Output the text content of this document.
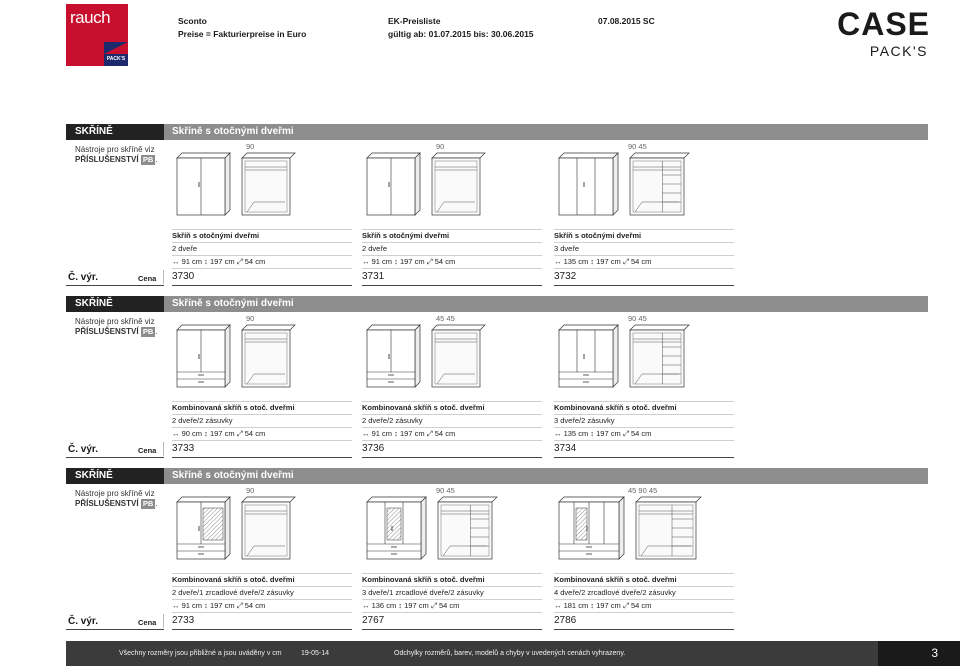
rauch
PACK'S
Sconto
Preise = Fakturierpreise in Euro
EK-Preisliste
gültig ab: 01.07.2015 bis: 30.06.2015
07.08.2015 SC	CASE
PACK'S
SKŘÍNĚ	Skříně s otočnými dveřmi
Nástroje pro skříně viz
PŘÍSLUŠENSTVÍ PB .
90
Skříň s otočnými dveřmi
2 dveře
↔ 91 cm ↕ 197 cm ⤢ 54 cm
3730
90
Skříň s otočnými dveřmi
2 dveře
↔ 91 cm ↕ 197 cm ⤢ 54 cm
3731
90 45
Skříň s otočnými dveřmi
3 dveře
↔ 135 cm ↕ 197 cm ⤢ 54 cm
3732
Č. výr.	Cena
SKŘÍNĚ	Skříně s otočnými dveřmi
Nástroje pro skříně viz
PŘÍSLUŠENSTVÍ PB .
90
Kombinovaná skříň s otoč. dveřmi
2 dveře/2 zásuvky
↔ 90 cm ↕ 197 cm ⤢ 54 cm
3733
45 45
Kombinovaná skříň s otoč. dveřmi
2 dveře/2 zásuvky
↔ 91 cm ↕ 197 cm ⤢ 54 cm
3736
90 45
Kombinovaná skříň s otoč. dveřmi
3 dveře/2 zásuvky
↔ 135 cm ↕ 197 cm ⤢ 54 cm
3734
Č. výr.	Cena
SKŘÍNĚ	Skříně s otočnými dveřmi
Nástroje pro skříně viz
PŘÍSLUŠENSTVÍ PB .
90
Kombinovaná skříň s otoč. dveřmi
2 dveře/1 zrcadlové dveře/2 zásuvky
↔ 91 cm ↕ 197 cm ⤢ 54 cm
2733
90 45
Kombinovaná skříň s otoč. dveřmi
3 dveře/1 zrcadlové dveře/2 zásuvky
↔ 136 cm ↕ 197 cm ⤢ 54 cm
2767
45 90 45
Kombinovaná skříň s otoč. dveřmi
4 dveře/2 zrcadlové dveře/2 zásuvky
↔ 181 cm ↕ 197 cm ⤢ 54 cm
2786
Č. výr.	Cena
Všechny rozměry jsou přibližné a jsou uváděny v cm	19-05-14	Odchylky rozměrů, barev, modelů a chyby v uvedených cenách vyhrazeny.	3
